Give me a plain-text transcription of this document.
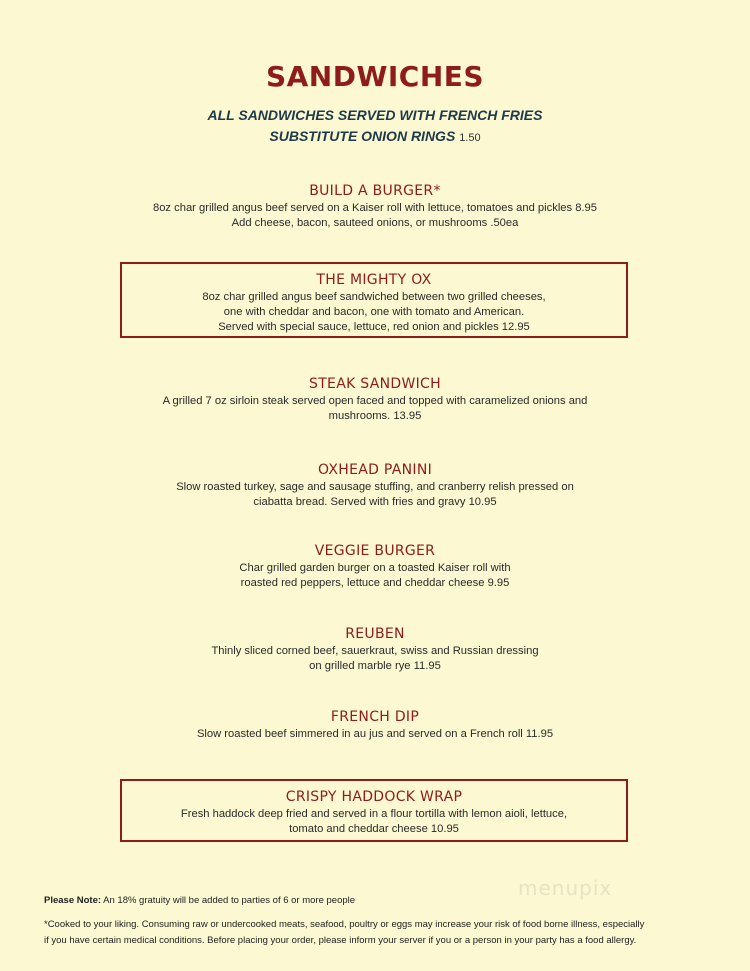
SANDWICHES
ALL SANDWICHES SERVED WITH FRENCH FRIES
SUBSTITUTE ONION RINGS 1.50
BUILD A BURGER*
8oz char grilled angus beef served on a Kaiser roll with lettuce, tomatoes and pickles 8.95
Add cheese, bacon, sauteed onions, or mushrooms .50ea
THE MIGHTY OX
8oz char grilled angus beef sandwiched between two grilled cheeses,
one with cheddar and bacon, one with tomato and American.
Served with special sauce, lettuce, red onion and pickles 12.95
STEAK SANDWICH
A grilled 7 oz sirloin steak served open faced and topped with caramelized onions and
mushrooms. 13.95
OXHEAD PANINI
Slow roasted turkey, sage and sausage stuffing, and cranberry relish pressed on
ciabatta bread. Served with fries and gravy 10.95
VEGGIE BURGER
Char grilled garden burger on a toasted Kaiser roll with
roasted red peppers, lettuce and cheddar cheese 9.95
REUBEN
Thinly sliced corned beef, sauerkraut, swiss and Russian dressing
on grilled marble rye 11.95
FRENCH DIP
Slow roasted beef simmered in au jus and served on a French roll 11.95
CRISPY HADDOCK WRAP
Fresh haddock deep fried and served in a flour tortilla with lemon aioli, lettuce,
tomato and cheddar cheese 10.95
menupix
Please Note: An 18% gratuity will be added to parties of 6 or more people
*Cooked to your liking. Consuming raw or undercooked meats, seafood, poultry or eggs may increase your risk of food borne illness, especially
if you have certain medical conditions. Before placing your order, please inform your server if you or a person in your party has a food allergy.
